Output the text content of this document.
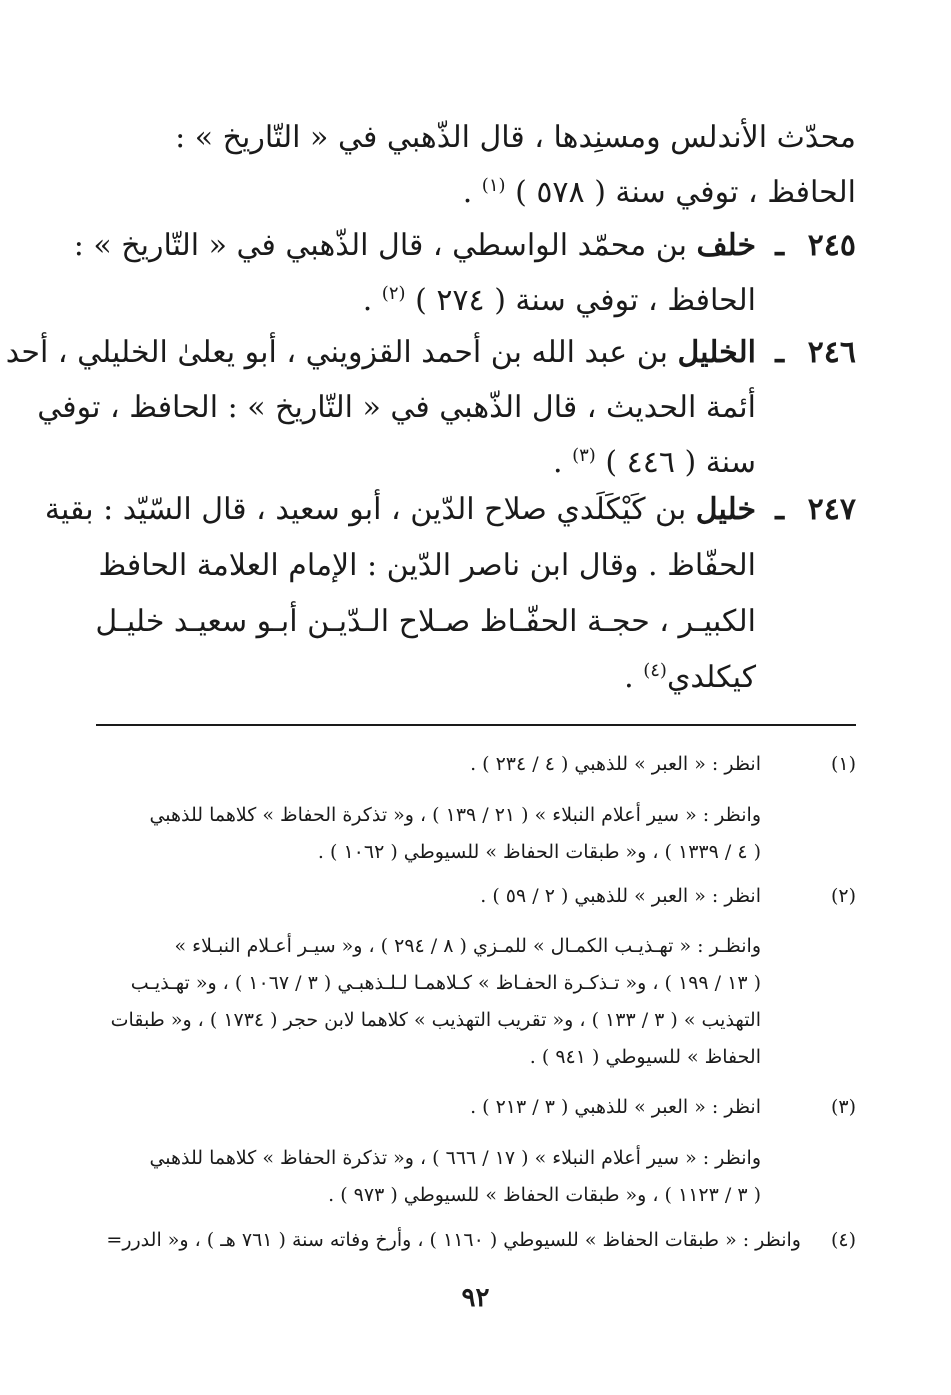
محدّث الأندلس ومسنِدها ، قال الذّهبي في « التّاريخ » :
الحافظ ، توفي سنة ( ٥٧٨ ) $^{(١)}$ .
٢٤٥
ـ
خلف بن محمّد الواسطي ، قال الذّهبي في « التّاريخ » :
الحافظ ، توفي سنة ( ٢٧٤ ) $^{(٢)}$ .
٢٤٦
ـ
الخليل بن عبد الله بن أحمد القزويني ، أبو يعلىٰ الخليلي ، أحد
أئمة الحديث ، قال الذّهبي في « التّاريخ » : الحافظ ، توفي
سنة ( ٤٤٦ ) $^{(٣)}$ .
٢٤٧
ـ
خليل بن كَيْكَلَدي صلاح الدّين ، أبو سعيد ، قال السّيّد : بقية
الحفّاظ . وقال ابن ناصر الدّين : الإمام العلامة الحافظ
الكبيـر ، حجـة الحفّـاظ صـلاح الـدّيـن أبـو سعيـد خليـل
كيكلدي$^{(٤)}$ .
(١)
انظر : « العبر » للذهبي ( ٤ / ٢٣٤ ) .
وانظر : « سير أعلام النبلاء » ( ٢١ / ١٣٩ ) ، و« تذكرة الحفاظ » كلاهما للذهبي
( ٤ / ١٣٣٩ ) ، و« طبقات الحفاظ » للسيوطي ( ١٠٦٢ ) .
(٢)
انظر : « العبر » للذهبي ( ٢ / ٥٩ ) .
وانظـر : « تهـذيـب الكمـال » للمـزي ( ٨ / ٢٩٤ ) ، و« سيـر أعـلام النبـلاء »
( ١٣ / ١٩٩ ) ، و« تـذكـرة الحفـاظ » كـلاهمـا لـلـذهبـي ( ٣ / ١٠٦٧ ) ، و« تهـذيـب
التهذيب » ( ٣ / ١٣٣ ) ، و« تقريب التهذيب » كلاهما لابن حجر ( ١٧٣٤ ) ، و« طبقات
الحفاظ » للسيوطي ( ٩٤١ ) .
(٣)
انظر : « العبر » للذهبي ( ٣ / ٢١٣ ) .
وانظر : « سير أعلام النبلاء » ( ١٧ / ٦٦٦ ) ، و« تذكرة الحفاظ » كلاهما للذهبي
( ٣ / ١١٢٣ ) ، و« طبقات الحفاظ » للسيوطي ( ٩٧٣ ) .
(٤)
وانظر : « طبقات الحفاظ » للسيوطي ( ١١٦٠ ) ، وأرخ وفاته سنة ( ٧٦١ هـ ) ، و« الدرر=
٩٢
